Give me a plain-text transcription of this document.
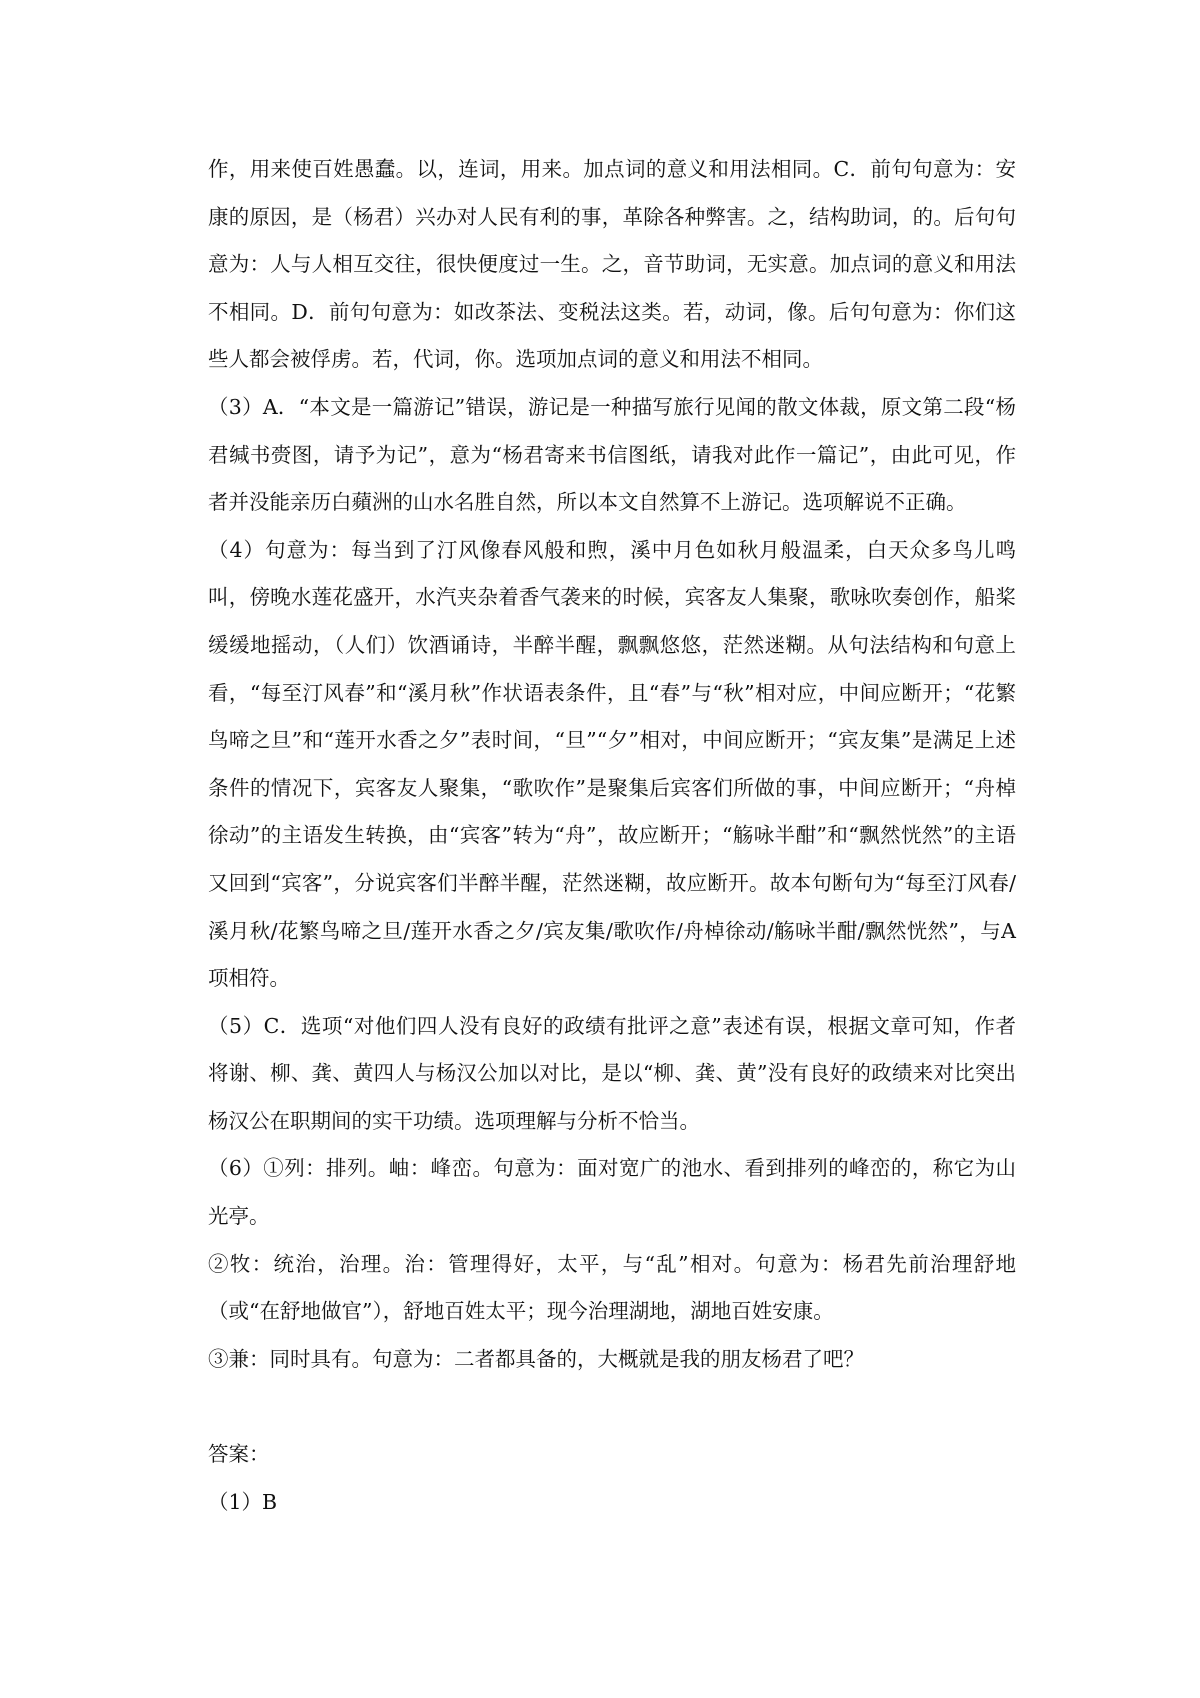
作，用来使百姓愚蠢。以，连词，用来。加点词的意义和用法相同。C．前句句意为：安康的原因，是（杨君）兴办对人民有利的事，革除各种弊害。之，结构助词，的。后句句意为：人与人相互交往，很快便度过一生。之，音节助词，无实意。加点词的意义和用法不相同。D．前句句意为：如改茶法、变税法这类。若，动词，像。后句句意为：你们这些人都会被俘虏。若，代词，你。选项加点词的意义和用法不相同。

（3）A．“本文是一篇游记”错误，游记是一种描写旅行见闻的散文体裁，原文第二段“杨君缄书赍图，请予为记”，意为“杨君寄来书信图纸，请我对此作一篇记”，由此可见，作者并没能亲历白蘋洲的山水名胜自然，所以本文自然算不上游记。选项解说不正确。

（4）句意为：每当到了汀风像春风般和煦，溪中月色如秋月般温柔，白天众多鸟儿鸣叫，傍晚水莲花盛开，水汽夹杂着香气袭来的时候，宾客友人集聚，歌咏吹奏创作，船桨缓缓地摇动，（人们）饮酒诵诗，半醉半醒，飘飘悠悠，茫然迷糊。从句法结构和句意上看，“每至汀风春”和“溪月秋”作状语表条件，且“春”与“秋”相对应，中间应断开；“花繁鸟啼之旦”和“莲开水香之夕”表时间，“旦”“夕”相对，中间应断开；“宾友集”是满足上述条件的情况下，宾客友人聚集，“歌吹作”是聚集后宾客们所做的事，中间应断开；“舟棹徐动”的主语发生转换，由“宾客”转为“舟”，故应断开；“觞咏半酣”和“飘然恍然”的主语又回到“宾客”，分说宾客们半醉半醒，茫然迷糊，故应断开。故本句断句为“每至汀风春/溪月秋/花繁鸟啼之旦/莲开水香之夕/宾友集/歌吹作/舟棹徐动/觞咏半酣/飘然恍然”，与A项相符。

（5）C．选项“对他们四人没有良好的政绩有批评之意”表述有误，根据文章可知，作者将谢、柳、龚、黄四人与杨汉公加以对比，是以“柳、龚、黄”没有良好的政绩来对比突出杨汉公在职期间的实干功绩。选项理解与分析不恰当。

（6）①列：排列。岫：峰峦。句意为：面对宽广的池水、看到排列的峰峦的，称它为山光亭。

②牧：统治，治理。治：管理得好，太平，与“乱”相对。句意为：杨君先前治理舒地（或“在舒地做官”），舒地百姓太平；现今治理湖地，湖地百姓安康。

③兼：同时具有。句意为：二者都具备的，大概就是我的朋友杨君了吧？

答案：

（1）B
